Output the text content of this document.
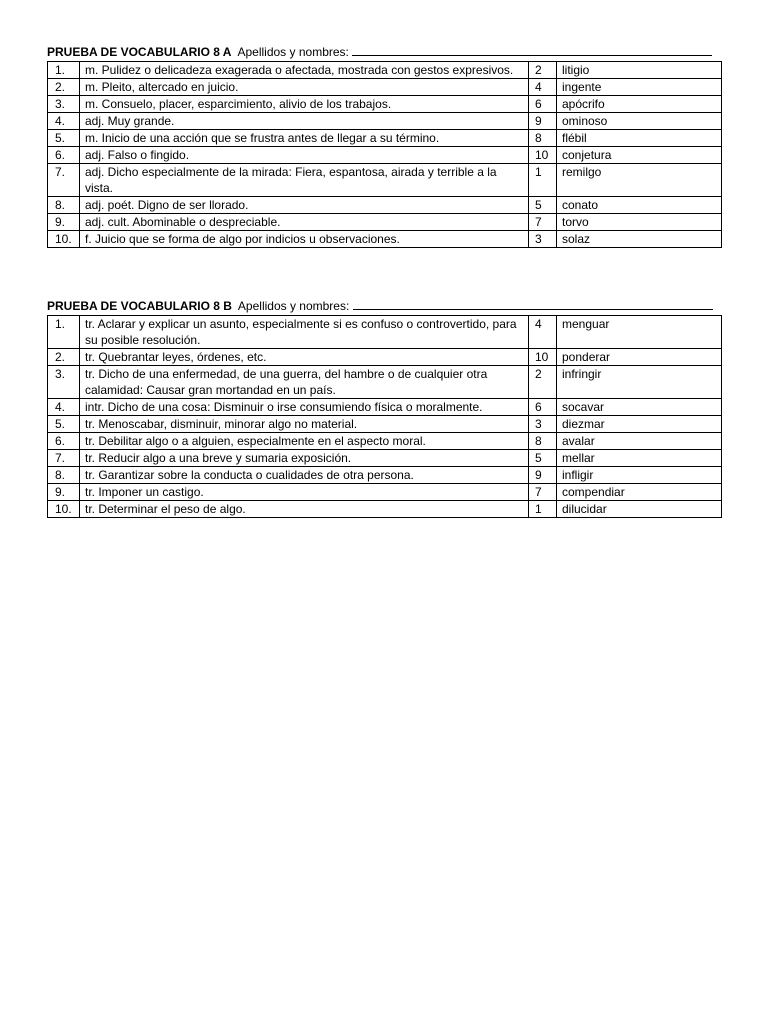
PRUEBA DE VOCABULARIO 8 A Apellidos y nombres:
1.	m. Pulidez o delicadeza exagerada o afectada, mostrada con gestos expresivos.	2	litigio
2.	m. Pleito, altercado en juicio.	4	ingente
3.	m. Consuelo, placer, esparcimiento, alivio de los trabajos.	6	apócrifo
4.	adj. Muy grande.	9	ominoso
5.	m. Inicio de una acción que se frustra antes de llegar a su término.	8	flébil
6.	adj. Falso o fingido.	10	conjetura
7.	adj. Dicho especialmente de la mirada: Fiera, espantosa, airada y terrible a la vista.	1	remilgo
8.	adj. poét. Digno de ser llorado.	5	conato
9.	adj. cult. Abominable o despreciable.	7	torvo
10.	f. Juicio que se forma de algo por indicios u observaciones.	3	solaz
PRUEBA DE VOCABULARIO 8 B Apellidos y nombres:
1.	tr. Aclarar y explicar un asunto, especialmente si es confuso o controvertido, para su posible resolución.	4	menguar
2.	tr. Quebrantar leyes, órdenes, etc.	10	ponderar
3.	tr. Dicho de una enfermedad, de una guerra, del hambre o de cualquier otra calamidad: Causar gran mortandad en un país.	2	infringir
4.	intr. Dicho de una cosa: Disminuir o irse consumiendo física o moralmente.	6	socavar
5.	tr. Menoscabar, disminuir, minorar algo no material.	3	diezmar
6.	tr. Debilitar algo o a alguien, especialmente en el aspecto moral.	8	avalar
7.	tr. Reducir algo a una breve y sumaria exposición.	5	mellar
8.	tr. Garantizar sobre la conducta o cualidades de otra persona.	9	infligir
9.	tr. Imponer un castigo.	7	compendiar
10.	tr. Determinar el peso de algo.	1	dilucidar
